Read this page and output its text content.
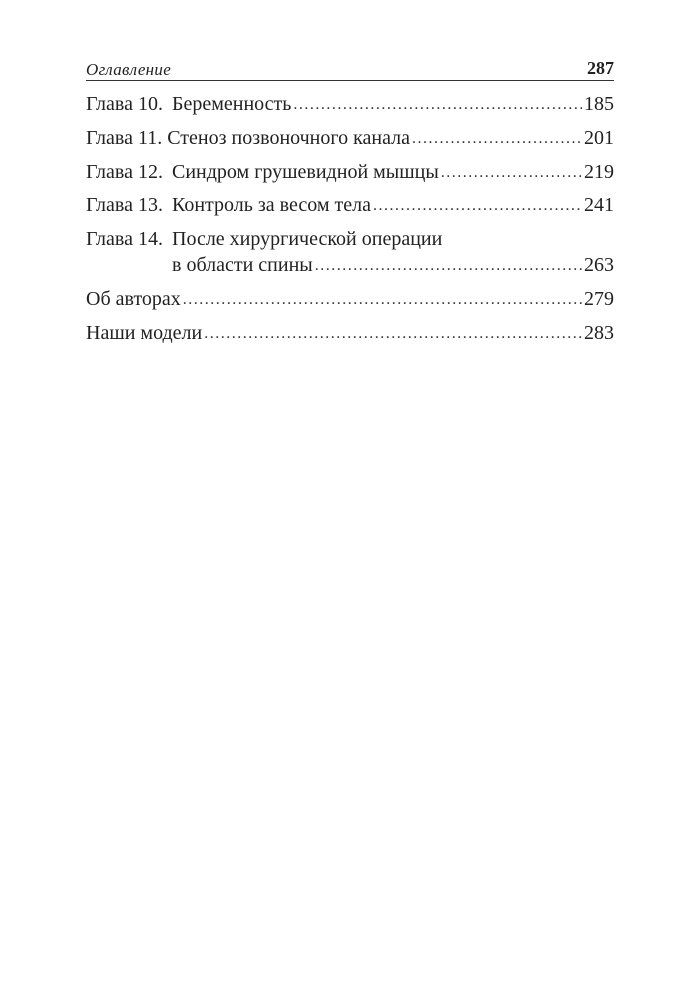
Оглавление	287
Глава 10. Беременность .....	185
Глава 11. Стеноз позвоночного канала .....	201
Глава 12. Синдром грушевидной мышцы .....	219
Глава 13. Контроль за весом тела .....	241
Глава 14. После хирургической операции
в области спины .....	263
Об авторах .....	279
Наши модели .....	283
